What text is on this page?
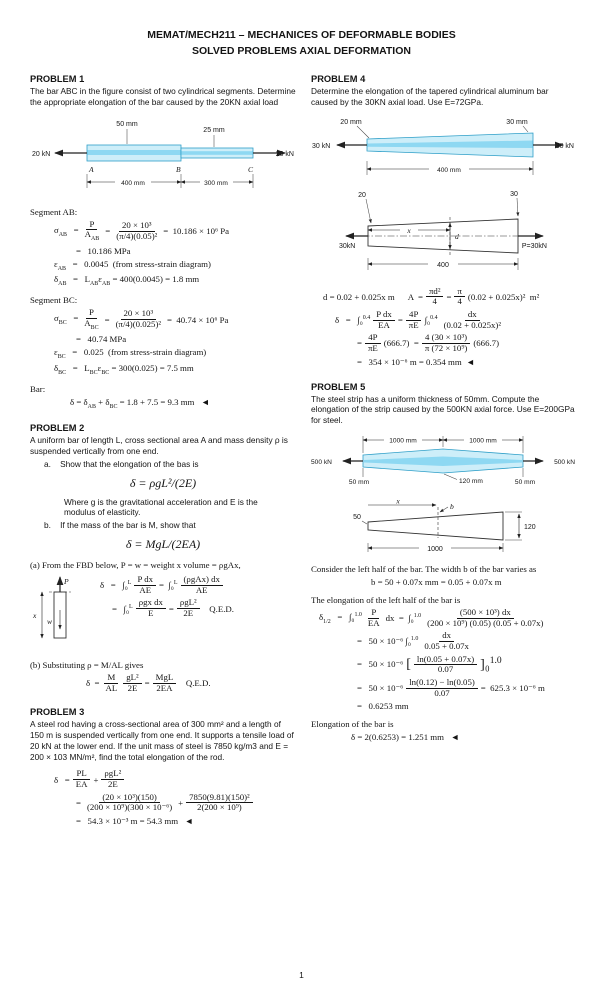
MEMAT/MECH211 – MECHANICES OF DEFORMABLE BODIES
SOLVED PROBLEMS AXIAL DEFORMATION
PROBLEM 1
The bar ABC in the figure consist of two cylindrical segments. Determine the appropriate elongation of the bar caused by the 20KN axial load
20 kN	20 kN
50 mm
25 mm
A	B	C
400 mm	300 mm
Segment AB:
$\sigma_{AB}$   =
P
$A_{AB}$
= $\frac{\text{20 × 10³}}{\text{(π/4)(0.05)²}} = 10.186 \times 10^6$ Pa
=   10.186 MPa
$\varepsilon_{AB} = 0.0045$  (from stress-strain diagram)
$\delta_{AB} = L_{AB}\varepsilon_{AB} = 400(0.0045) = 1.8$ mm
Segment BC:
$\sigma_{BC}$   =
P
$A_{BC}$
= $\frac{\text{20 × 10³}}{\text{(π/4)(0.025)²}} = 40.74 \times 10^6$ Pa
=   40.74 MPa
$\varepsilon_{BC} = 0.025$  (from stress-strain diagram)
$\delta_{BC} = L_{BC}\varepsilon_{BC} = 300(0.025) = 7.5$ mm
Bar:
$\delta = \delta_{AB} + \delta_{BC} = 1.8 + 7.5 = 9.3$ mm   ◄
PROBLEM 2
A uniform bar of length L, cross sectional area A and mass density ρ is suspended vertically from one end.
a.    Show that the elongation of the bas is
δ = ρgL²/(2E)
Where g is the gravitational acceleration and E is the modulus of elasticity.
b.    If the mass of the bar is M, show that
δ = MgL/(2EA)
(a) From the FBD below, P = w = weight x volume = ρgAx,
P
w
x
$\delta = \int_0^L \frac{\text{P dx}}{AE} = \int_0^L$ (ρgAx) dx
AE
=   ∫₀$^L$ ρgx dx
E	=
ρgL²
2E	Q.E.D.
(b) Substituting ρ = M/AL gives
$\delta = \frac{M}{AL} \frac{\text{gL²}}{2E}$ =
MgL
2EA Q.E.D.
PROBLEM 3
A steel rod having a cross-sectional area of 300 mm² and a length of 150 m is suspended vertically from one end. It supports a tensile load of 20 kN at the lower end. If the unit mass of steel is 7850 kg/m3 and E = 200 × 103 MN/m², find the total elongation of the rod.
$\delta = \frac{PL}{EA}$ +
ρgL²
2E
= $\frac{\text{(20 × 10³)(150)}}{\text{(200 × 10⁹)(300 × 10⁻⁶)}} + \frac{\text{7850(9.81)(150)²}}{\text{2(200 × 10⁹)}}$
=   54.3 × 10⁻³ m = 54.3 mm   ◄
PROBLEM 4
Determine the elongation of the tapered cylindrical aluminum bar caused by the 30KN axial load. Use E=72GPa.
30 kN	30 kN
20 mm	30 mm
400 mm
d
x
20	30
30kN	P=30kN
400
d = 0.02 + 0.025x m $A = \frac{\text{πd²}}{4} = \frac{\pi}{4} (0.02 + 0.025x)^2$  m²
$\delta = \int_0^{0.4} \frac{\text{P dx}}{EA} = \frac{4P}{\pi E} \int_0^{0.4} \frac{dx}{\text{(0.02 + 0.025x)²}}$
= $\frac{4P}{\pi E} (666.7) = \frac{\text{4 (30 × 10³)}}{\text{π (72 × 10⁹)}} (666.7)$
=   354 × 10⁻⁶ m = 0.354 mm  ◄
PROBLEM 5
The steel strip has a uniform thickness of 50mm. Compute the elongation of the strip caused by the 500KN axial force. Use E=200GPa for steel.
1000 mm	1000 mm
500 kN	500 kN
50 mm	120 mm	50 mm
x
b
50
120
1000
Consider the left half of the bar. The width b of the bar varies as
b = 50 + 0.07x mm = 0.05 + 0.07x m
The elongation of the left half of the bar is
$\delta_{1/2} = \int_0^{1.0} \frac{P}{EA}$ dx  =  $\int_0^{1.0} \frac{\text{(500 × 10³) dx}}{\text{(200 × 10⁹) (0.05) (0.05 + 0.07x)}}$
=   50 × 10⁻⁶ $\int_0^{1.0} \frac{dx}{0.05 + 0.07x}$
=   50 × 10⁻⁶ [ $\frac{\ln(0.05 + 0.07x)}{0.07} ]_0^{1.0}$
=   $50 \times 10^{-6} \frac{\ln(0.12) - \ln(0.05)}{0.07} = 625.3 \times 10^{-6}$ m
=   0.6253 mm
Elongation of the bar is
δ = 2(0.6253) = 1.251 mm   ◄
1
